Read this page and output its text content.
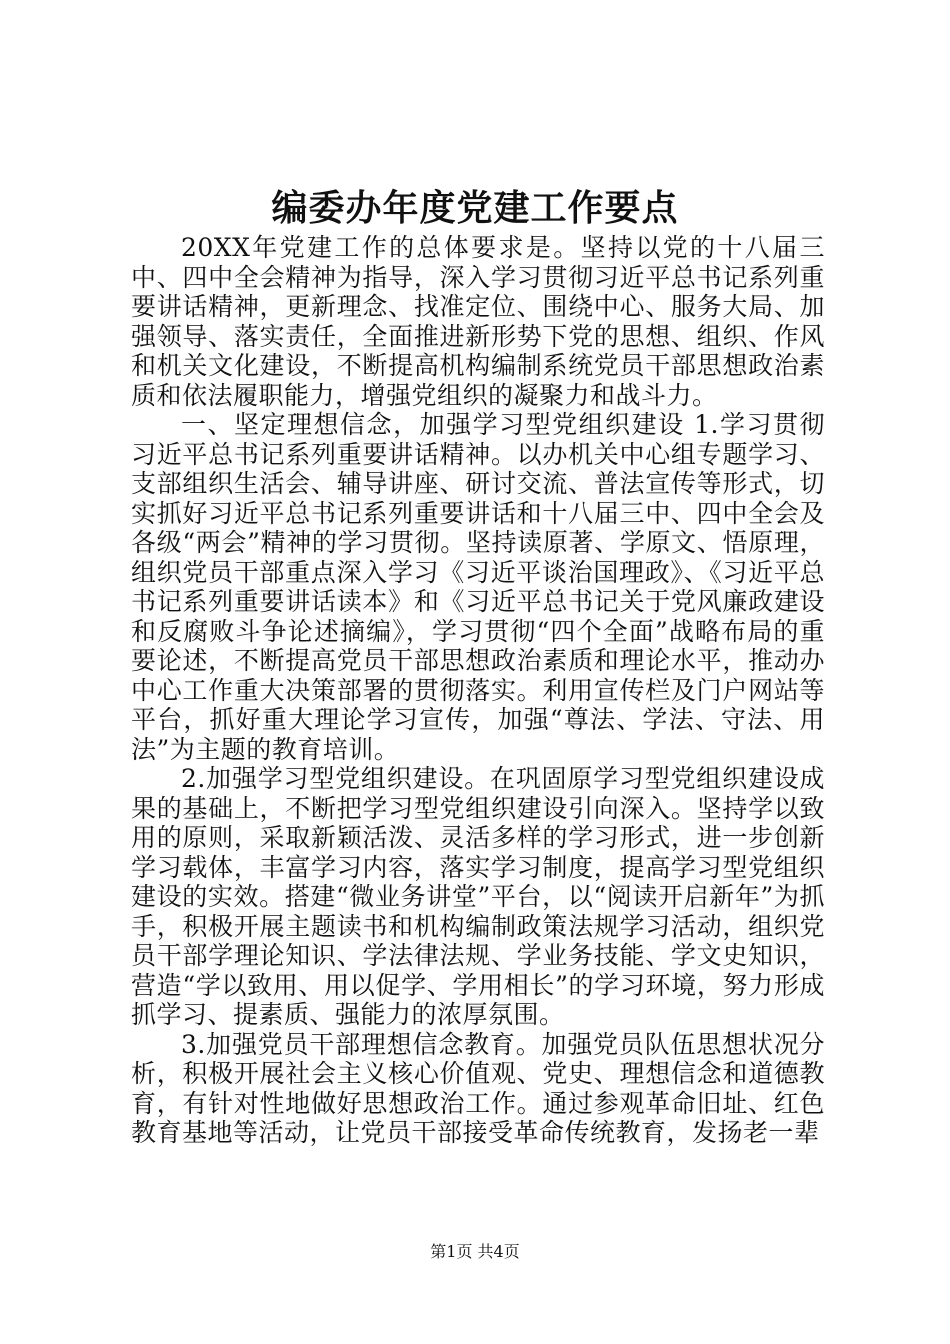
编委办年度党建工作要点

20XX年党建工作的总体要求是。坚持以党的十八届三中、四中全会精神为指导，深入学习贯彻习近平总书记系列重要讲话精神，更新理念、找准定位、围绕中心、服务大局、加强领导、落实责任，全面推进新形势下党的思想、组织、作风和机关文化建设，不断提高机构编制系统党员干部思想政治素质和依法履职能力，增强党组织的凝聚力和战斗力。

一、坚定理想信念，加强学习型党组织建设 1.学习贯彻习近平总书记系列重要讲话精神。以办机关中心组专题学习、支部组织生活会、辅导讲座、研讨交流、普法宣传等形式，切实抓好习近平总书记系列重要讲话和十八届三中、四中全会及各级“两会”精神的学习贯彻。坚持读原著、学原文、悟原理，组织党员干部重点深入学习《习近平谈治国理政》、《习近平总书记系列重要讲话读本》和《习近平总书记关于党风廉政建设和反腐败斗争论述摘编》，学习贯彻“四个全面”战略布局的重要论述，不断提高党员干部思想政治素质和理论水平，推动办中心工作重大决策部署的贯彻落实。利用宣传栏及门户网站等平台，抓好重大理论学习宣传，加强“尊法、学法、守法、用法”为主题的教育培训。

2.加强学习型党组织建设。在巩固原学习型党组织建设成果的基础上，不断把学习型党组织建设引向深入。坚持学以致用的原则，采取新颖活泼、灵活多样的学习形式，进一步创新学习载体，丰富学习内容，落实学习制度，提高学习型党组织建设的实效。搭建“微业务讲堂”平台，以“阅读开启新年”为抓手，积极开展主题读书和机构编制政策法规学习活动，组织党员干部学理论知识、学法律法规、学业务技能、学文史知识，营造“学以致用、用以促学、学用相长”的学习环境，努力形成抓学习、提素质、强能力的浓厚氛围。

3.加强党员干部理想信念教育。加强党员队伍思想状况分析，积极开展社会主义核心价值观、党史、理想信念和道德教育，有针对性地做好思想政治工作。通过参观革命旧址、红色教育基地等活动，让党员干部接受革命传统教育，发扬老一辈

第1页 共4页
